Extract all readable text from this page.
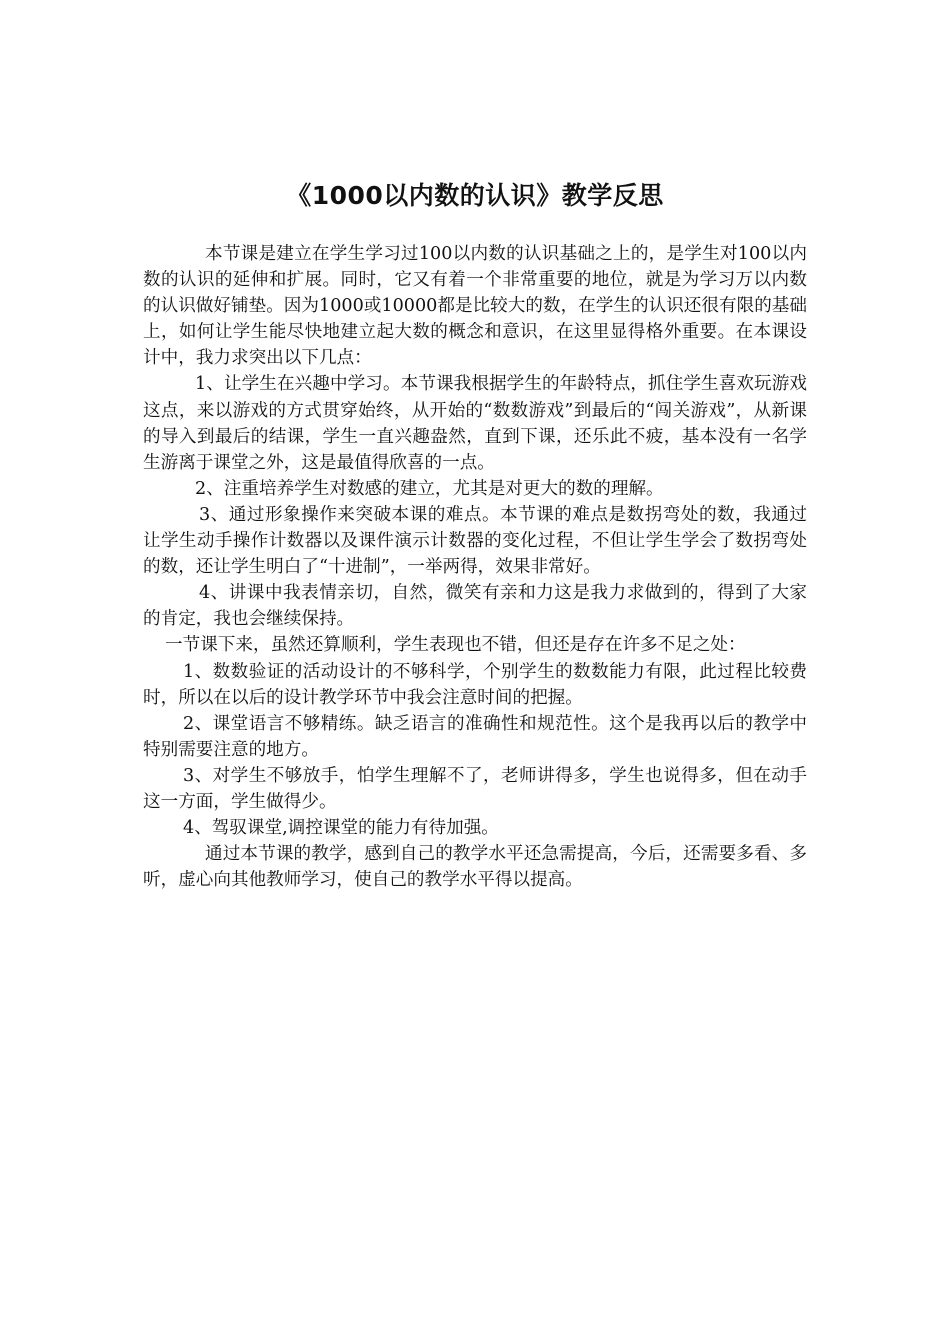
《1000以内数的认识》教学反思

本节课是建立在学生学习过100以内数的认识基础之上的，是学生对100以内数的认识的延伸和扩展。同时，它又有着一个非常重要的地位，就是为学习万以内数的认识做好铺垫。因为1000或10000都是比较大的数，在学生的认识还很有限的基础上，如何让学生能尽快地建立起大数的概念和意识，在这里显得格外重要。在本课设计中，我力求突出以下几点：

1、让学生在兴趣中学习。本节课我根据学生的年龄特点，抓住学生喜欢玩游戏这点，来以游戏的方式贯穿始终，从开始的“数数游戏”到最后的“闯关游戏”，从新课的导入到最后的结课，学生一直兴趣盎然，直到下课，还乐此不疲，基本没有一名学生游离于课堂之外，这是最值得欣喜的一点。

2、注重培养学生对数感的建立，尤其是对更大的数的理解。

3、通过形象操作来突破本课的难点。本节课的难点是数拐弯处的数，我通过让学生动手操作计数器以及课件演示计数器的变化过程，不但让学生学会了数拐弯处的数，还让学生明白了“十进制”，一举两得，效果非常好。

4、讲课中我表情亲切，自然，微笑有亲和力这是我力求做到的，得到了大家的肯定，我也会继续保持。

一节课下来，虽然还算顺利，学生表现也不错，但还是存在许多不足之处：

1、数数验证的活动设计的不够科学，个别学生的数数能力有限，此过程比较费时，所以在以后的设计教学环节中我会注意时间的把握。

2、课堂语言不够精练。缺乏语言的准确性和规范性。这个是我再以后的教学中特别需要注意的地方。

3、对学生不够放手，怕学生理解不了，老师讲得多，学生也说得多，但在动手这一方面，学生做得少。

4、驾驭课堂,调控课堂的能力有待加强。

通过本节课的教学，感到自己的教学水平还急需提高，今后，还需要多看、多听，虚心向其他教师学习，使自己的教学水平得以提高。
